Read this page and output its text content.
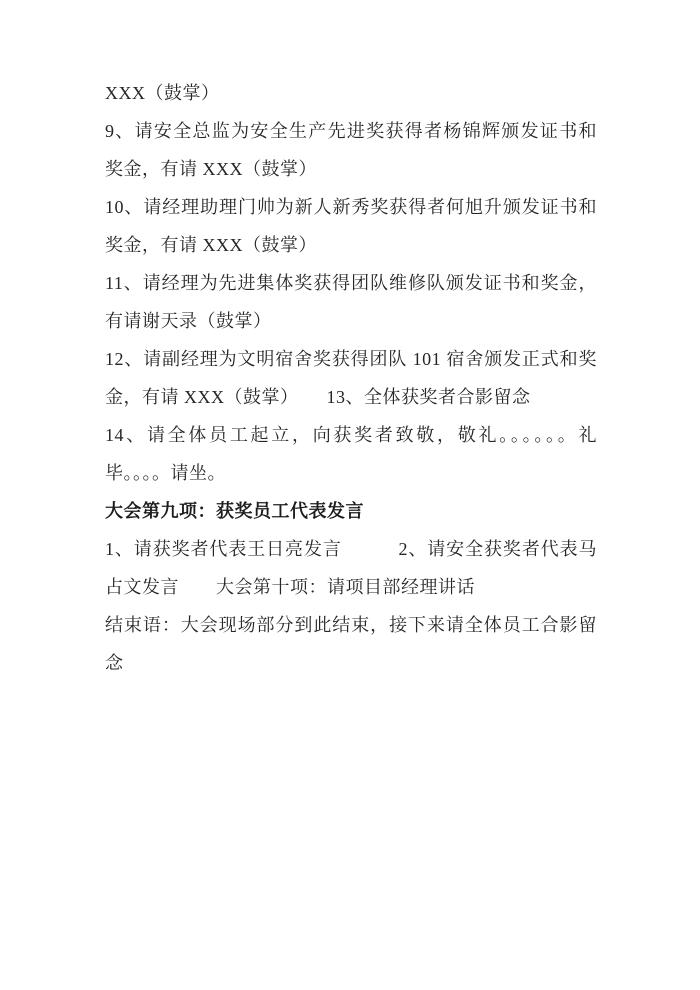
XXX（鼓掌）
9、请安全总监为安全生产先进奖获得者杨锦辉颁发证书和
奖金，有请 XXX（鼓掌）
10、请经理助理门帅为新人新秀奖获得者何旭升颁发证书和
奖金，有请 XXX（鼓掌）
11、请经理为先进集体奖获得团队维修队颁发证书和奖金，
有请谢天录（鼓掌）
12、请副经理为文明宿舍奖获得团队 101 宿舍颁发正式和奖
金，有请 XXX（鼓掌）　　13、全体获奖者合影留念
14、请全体员工起立，向获奖者致敬，敬礼。。。。。。礼
毕。。。。请坐。
大会第九项：获奖员工代表发言
1、请获奖者代表王日亮发言　　　2、请安全获奖者代表马
占文发言　　大会第十项：请项目部经理讲话
结束语：大会现场部分到此结束，接下来请全体员工合影留
念
